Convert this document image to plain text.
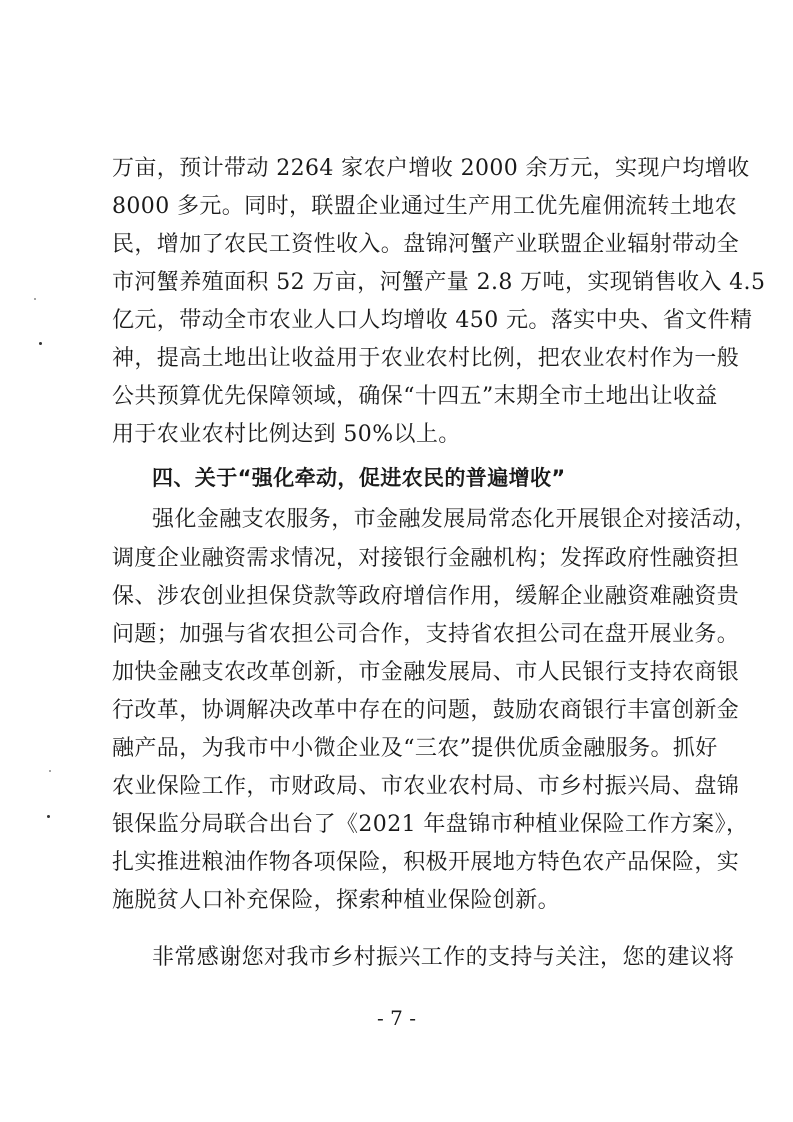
万亩，预计带动 2264 家农户增收 2000 余万元，实现户均增收
8000 多元。同时，联盟企业通过生产用工优先雇佣流转土地农
民，增加了农民工资性收入。盘锦河蟹产业联盟企业辐射带动全
市河蟹养殖面积 52 万亩，河蟹产量 2.8 万吨，实现销售收入 4.5
亿元，带动全市农业人口人均增收 450 元。落实中央、省文件精
神，提高土地出让收益用于农业农村比例，把农业农村作为一般
公共预算优先保障领域，确保“十四五”末期全市土地出让收益
用于农业农村比例达到 50%以上。
四、关于“强化牵动，促进农民的普遍增收”
强化金融支农服务，市金融发展局常态化开展银企对接活动，
调度企业融资需求情况，对接银行金融机构；发挥政府性融资担
保、涉农创业担保贷款等政府增信作用，缓解企业融资难融资贵
问题；加强与省农担公司合作，支持省农担公司在盘开展业务。
加快金融支农改革创新，市金融发展局、市人民银行支持农商银
行改革，协调解决改革中存在的问题，鼓励农商银行丰富创新金
融产品，为我市中小微企业及“三农”提供优质金融服务。抓好
农业保险工作，市财政局、市农业农村局、市乡村振兴局、盘锦
银保监分局联合出台了《2021 年盘锦市种植业保险工作方案》，
扎实推进粮油作物各项保险，积极开展地方特色农产品保险，实
施脱贫人口补充保险，探索种植业保险创新。
非常感谢您对我市乡村振兴工作的支持与关注，您的建议将
- 7 -
